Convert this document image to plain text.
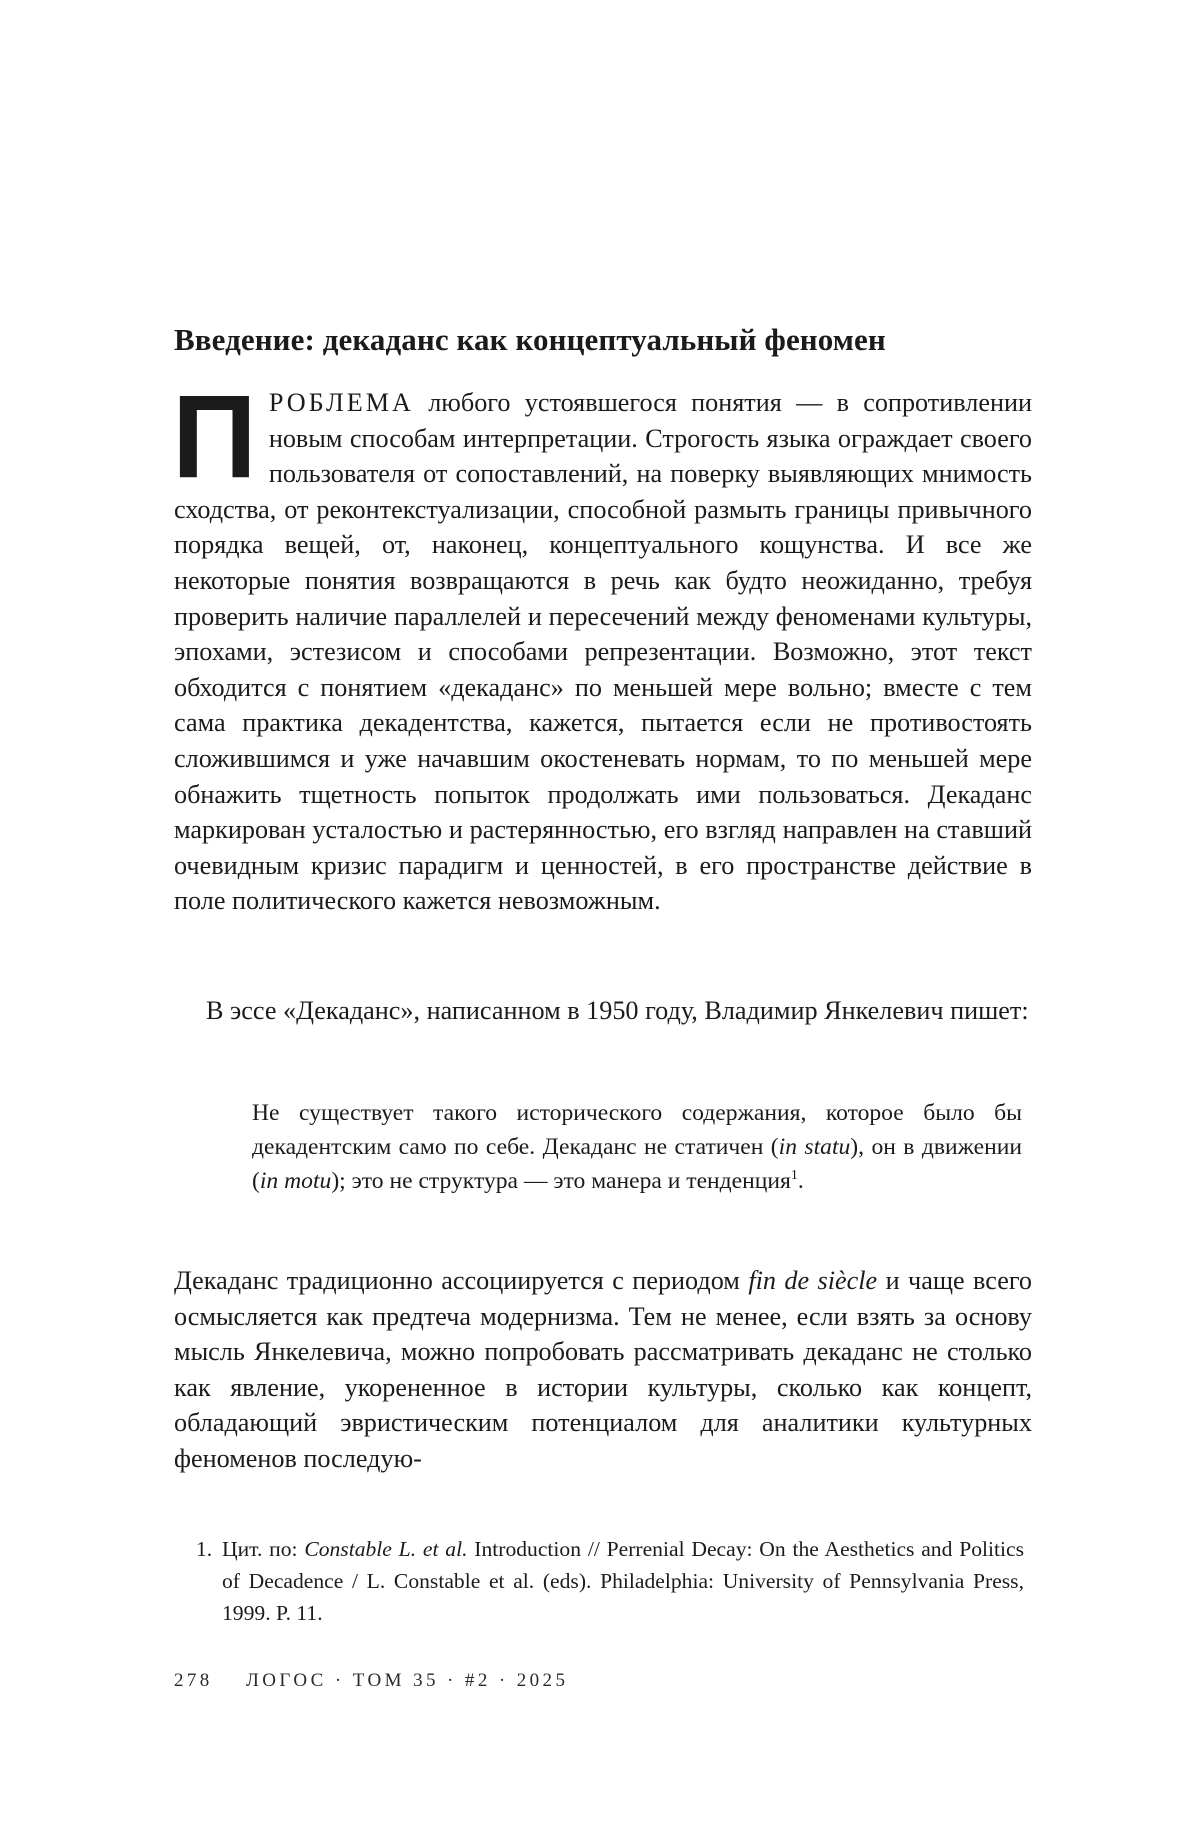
Введение: декаданс как концептуальный феномен

ПРОБЛЕМА любого устоявшегося понятия — в сопротивлении новым способам интерпретации. Строгость языка ограждает своего пользователя от сопоставлений, на поверку выявляющих мнимость сходства, от реконтекстуализации, способной размыть границы привычного порядка вещей, от, наконец, концептуального кощунства. И все же некоторые понятия возвращаются в речь как будто неожиданно, требуя проверить наличие параллелей и пересечений между феноменами культуры, эпохами, эстезисом и способами репрезентации. Возможно, этот текст обходится с понятием «декаданс» по меньшей мере вольно; вместе с тем сама практика декадентства, кажется, пытается если не противостоять сложившимся и уже начавшим окостеневать нормам, то по меньшей мере обнажить тщетность попыток продолжать ими пользоваться. Декаданс маркирован усталостью и растерянностью, его взгляд направлен на ставший очевидным кризис парадигм и ценностей, в его пространстве действие в поле политического кажется невозможным.

В эссе «Декаданс», написанном в 1950 году, Владимир Янкелевич пишет:

Не существует такого исторического содержания, которое было бы декадентским само по себе. Декаданс не статичен (in statu), он в движении (in motu); это не структура — это манера и тенденция$^1$.

Декаданс традиционно ассоциируется с периодом fin de siècle и чаще всего осмысляется как предтеча модернизма. Тем не менее, если взять за основу мысль Янкелевича, можно попробовать рассматривать декаданс не столько как явление, укорененное в истории культуры, сколько как концепт, обладающий эвристическим потенциалом для аналитики культурных феноменов последую-

1. Цит. по: Constable L. et al. Introduction // Perrenial Decay: On the Aesthetics and Politics of Decadence / L. Constable et al. (eds). Philadelphia: University of Pennsylvania Press, 1999. P. 11.

278 ЛОГОС · ТОМ 35 · #2 · 2025
